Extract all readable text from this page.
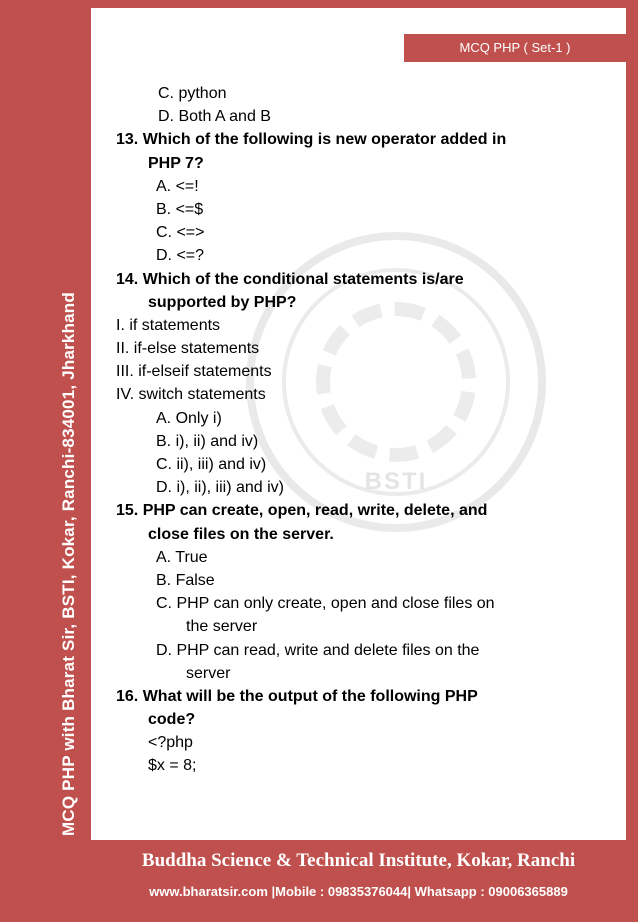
MCQ PHP with Bharat Sir, BSTI, Kokar, Ranchi-834001, Jharkhand
MCQ PHP ( Set-1 )
BSTI
C. python
D. Both A and B
13. Which of the following is new operator added in
PHP 7?
A. <=!
B. <=$
C. <=>
D. <=?
14. Which of the conditional statements is/are
supported by PHP?
I. if statements
II. if-else statements
III. if-elseif statements
IV. switch statements
A. Only i)
B. i), ii) and iv)
C. ii), iii) and iv)
D. i), ii), iii) and iv)
15. PHP can create, open, read, write, delete, and
close files on the server.
A. True
B. False
C. PHP can only create, open and close files on
the server
D. PHP can read, write and delete files on the
server
16. What will be the output of the following PHP
code?
<?php
$x = 8;
Buddha Science & Technical Institute, Kokar, Ranchi
www.bharatsir.com |Mobile : 09835376044| Whatsapp : 09006365889
